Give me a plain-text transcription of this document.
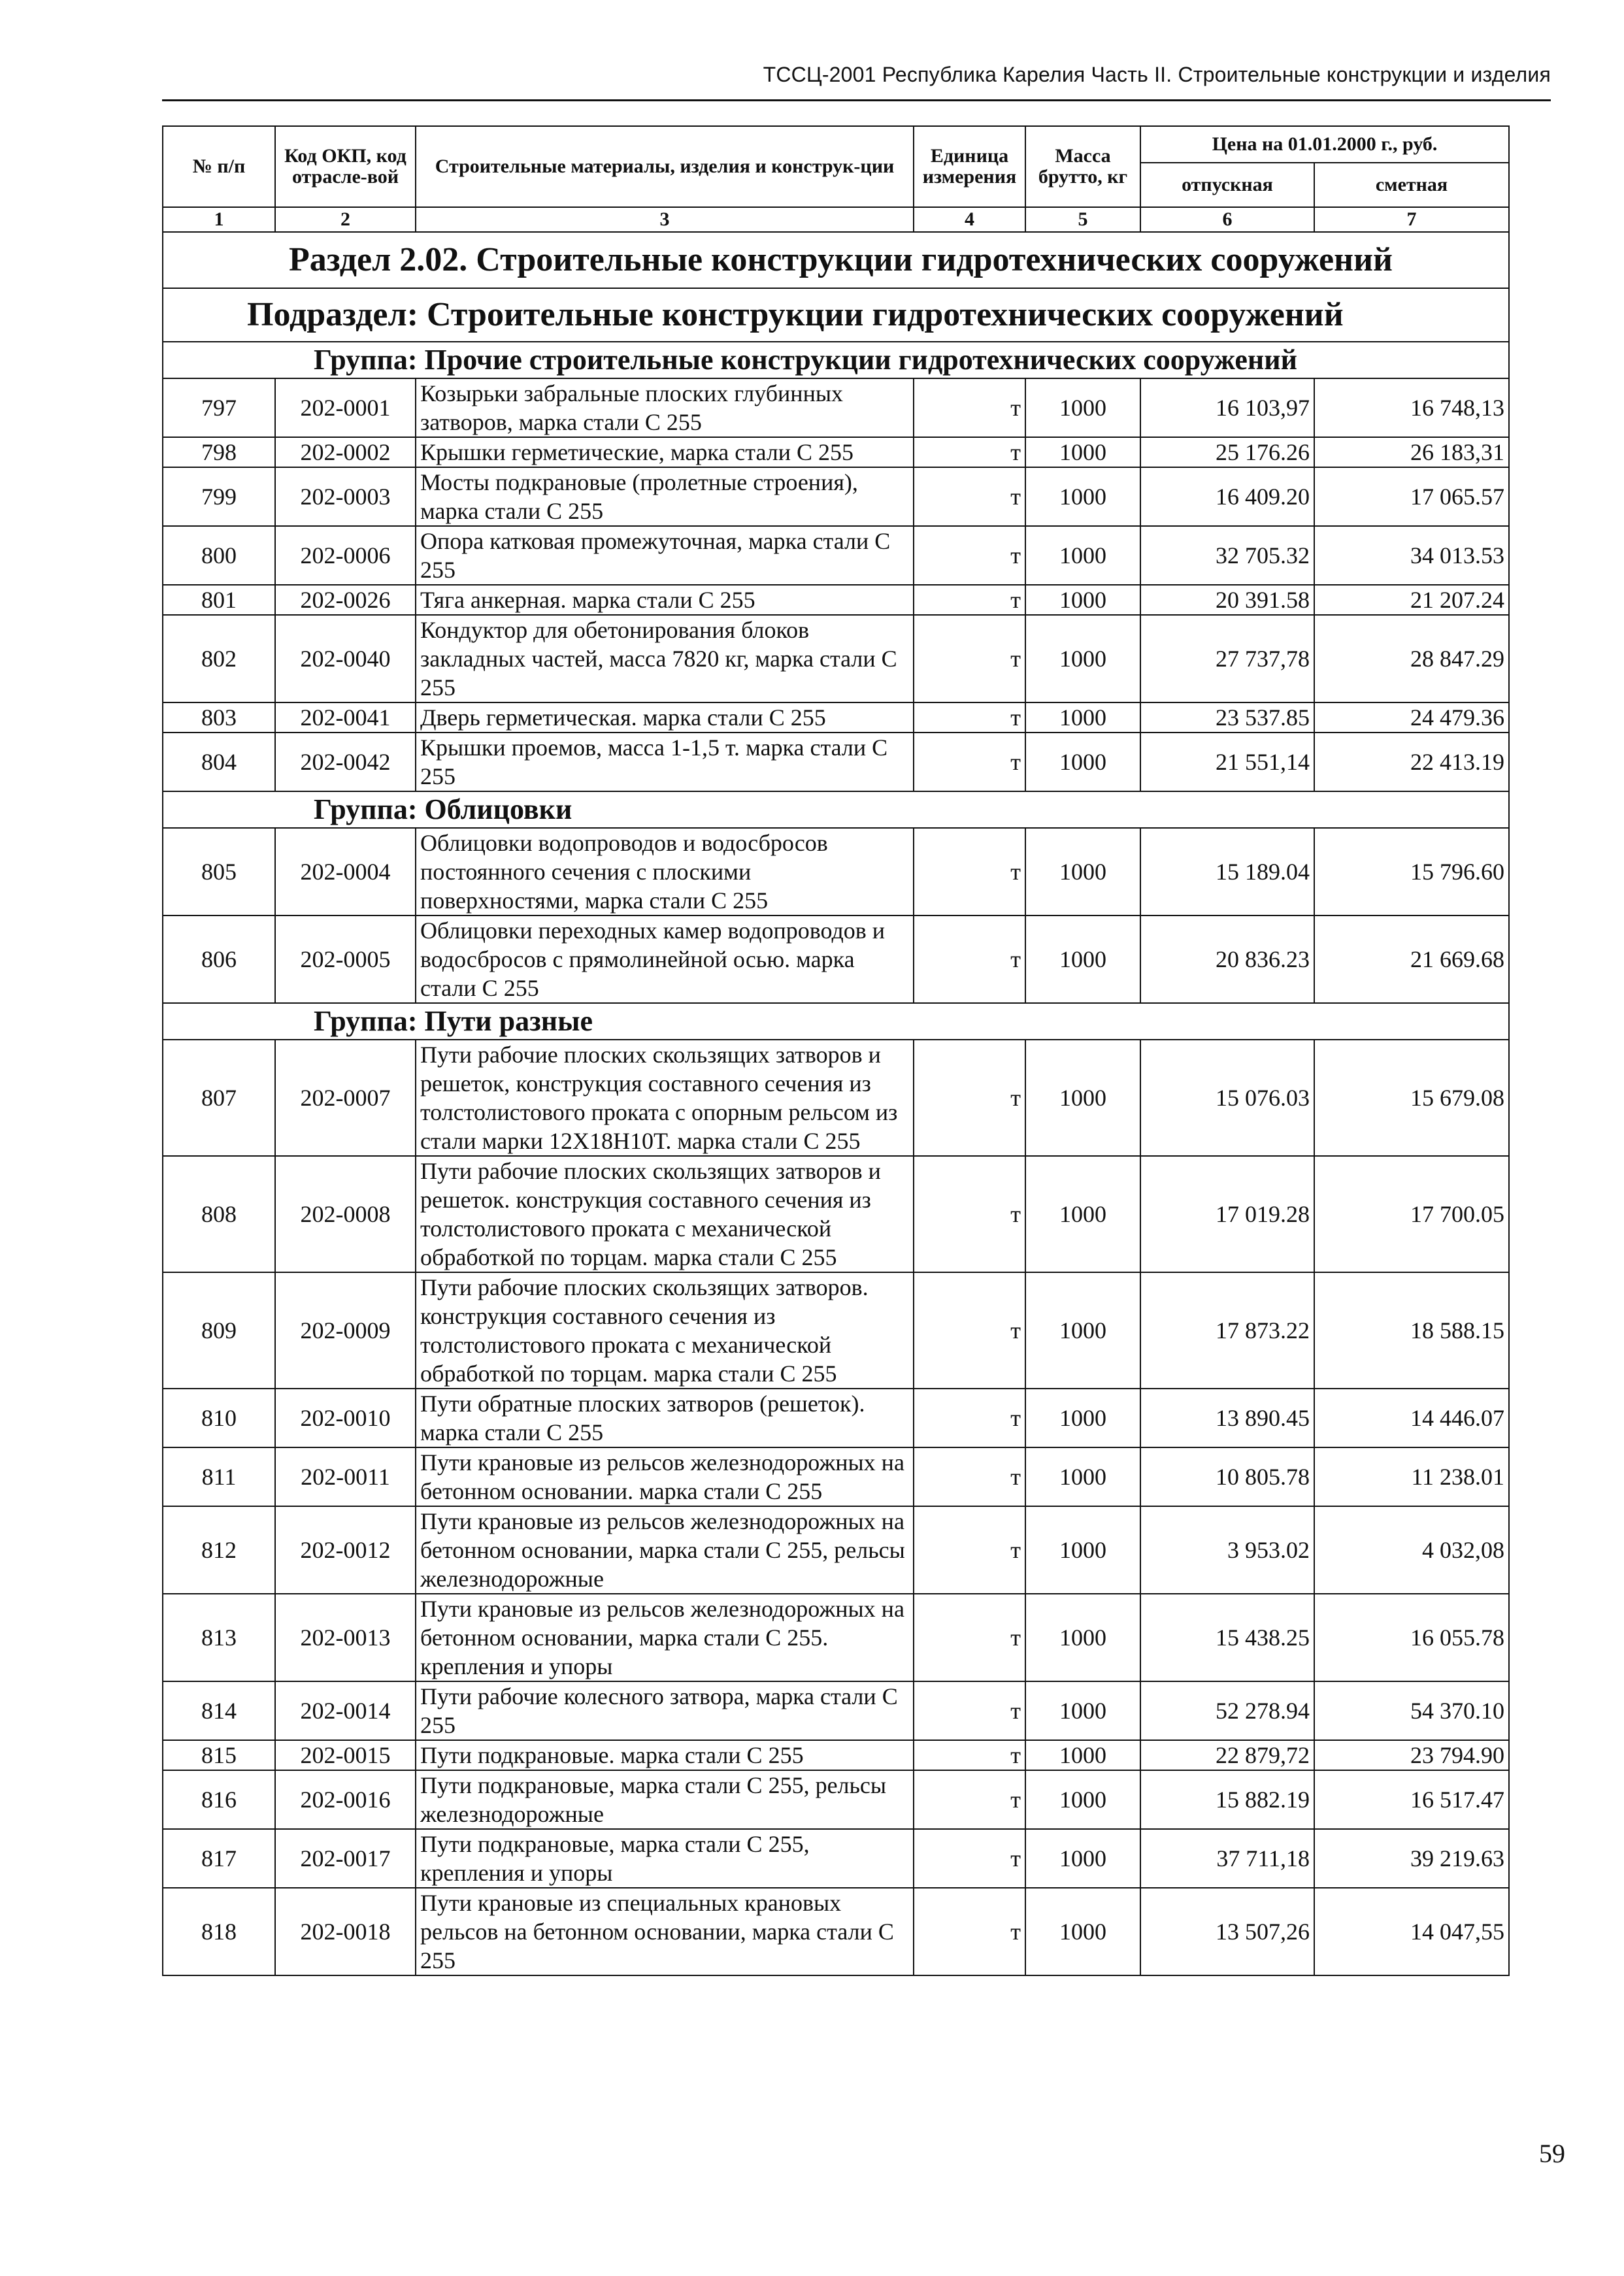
ТССЦ-2001 Республика Карелия Часть II. Строительные конструкции и изделия
№ п/п	Код ОКП, код отрасле-вой	Строительные материалы, изделия и конструк-ции	Единица измерения	Масса брутто, кг	Цена на 01.01.2000 г., руб.	
					отпускная	сметная
1	2	3	4	5	6	7
Раздел 2.02. Строительные конструкции гидротехнических сооружений						
Подраздел: Строительные конструкции гидротехнических сооружений						
Группа: Прочие строительные конструкции гидротехнических сооружений						
797	202-0001	Козырьки забральные плоских глубинных затворов, марка стали С 255	т	1000	16 103,97	16 748,13
798	202-0002	Крышки герметические, марка стали С 255	т	1000	25 176.26	26 183,31
799	202-0003	Мосты подкрановые (пролетные строения), марка стали С 255	т	1000	16 409.20	17 065.57
800	202-0006	Опора катковая промежуточная, марка стали С 255	т	1000	32 705.32	34 013.53
801	202-0026	Тяга анкерная. марка стали С 255	т	1000	20 391.58	21 207.24
802	202-0040	Кондуктор для обетонирования блоков закладных частей, масса 7820 кг, марка стали С 255	т	1000	27 737,78	28 847.29
803	202-0041	Дверь герметическая. марка стали С 255	т	1000	23 537.85	24 479.36
804	202-0042	Крышки проемов, масса 1-1,5 т. марка стали С 255	т	1000	21 551,14	22 413.19
Группа: Облицовки						
805	202-0004	Облицовки водопроводов и водосбросов постоянного сечения с плоскими поверхностями, марка стали С 255	т	1000	15 189.04	15 796.60
806	202-0005	Облицовки переходных камер водопроводов и водосбросов с прямолинейной осью. марка стали С 255	т	1000	20 836.23	21 669.68
Группа: Пути разные						
807	202-0007	Пути рабочие плоских скользящих затворов и решеток, конструкция составного сечения из толстолистового проката с опорным рельсом из стали марки 12Х18Н10Т. марка стали С 255	т	1000	15 076.03	15 679.08
808	202-0008	Пути рабочие плоских скользящих затворов и решеток. конструкция составного сечения из толстолистового проката с механической обработкой по торцам. марка стали С 255	т	1000	17 019.28	17 700.05
809	202-0009	Пути рабочие плоских скользящих затворов. конструкция составного сечения из толстолистового проката с механической обработкой по торцам. марка стали С 255	т	1000	17 873.22	18 588.15
810	202-0010	Пути обратные плоских затворов (решеток). марка стали С 255	т	1000	13 890.45	14 446.07
811	202-0011	Пути крановые из рельсов железнодорожных на бетонном основании. марка стали С 255	т	1000	10 805.78	11 238.01
812	202-0012	Пути крановые из рельсов железнодорожных на бетонном основании, марка стали С 255, рельсы железнодорожные	т	1000	3 953.02	4 032,08
813	202-0013	Пути крановые из рельсов железнодорожных на бетонном основании, марка стали С 255. крепления и упоры	т	1000	15 438.25	16 055.78
814	202-0014	Пути рабочие колесного затвора, марка стали С 255	т	1000	52 278.94	54 370.10
815	202-0015	Пути подкрановые. марка стали С 255	т	1000	22 879,72	23 794.90
816	202-0016	Пути подкрановые, марка стали С 255, рельсы железнодорожные	т	1000	15 882.19	16 517.47
817	202-0017	Пути подкрановые, марка стали С 255, крепления и упоры	т	1000	37 711,18	39 219.63
818	202-0018	Пути крановые из специальных крановых рельсов на бетонном основании, марка стали С 255	т	1000	13 507,26	14 047,55
59
